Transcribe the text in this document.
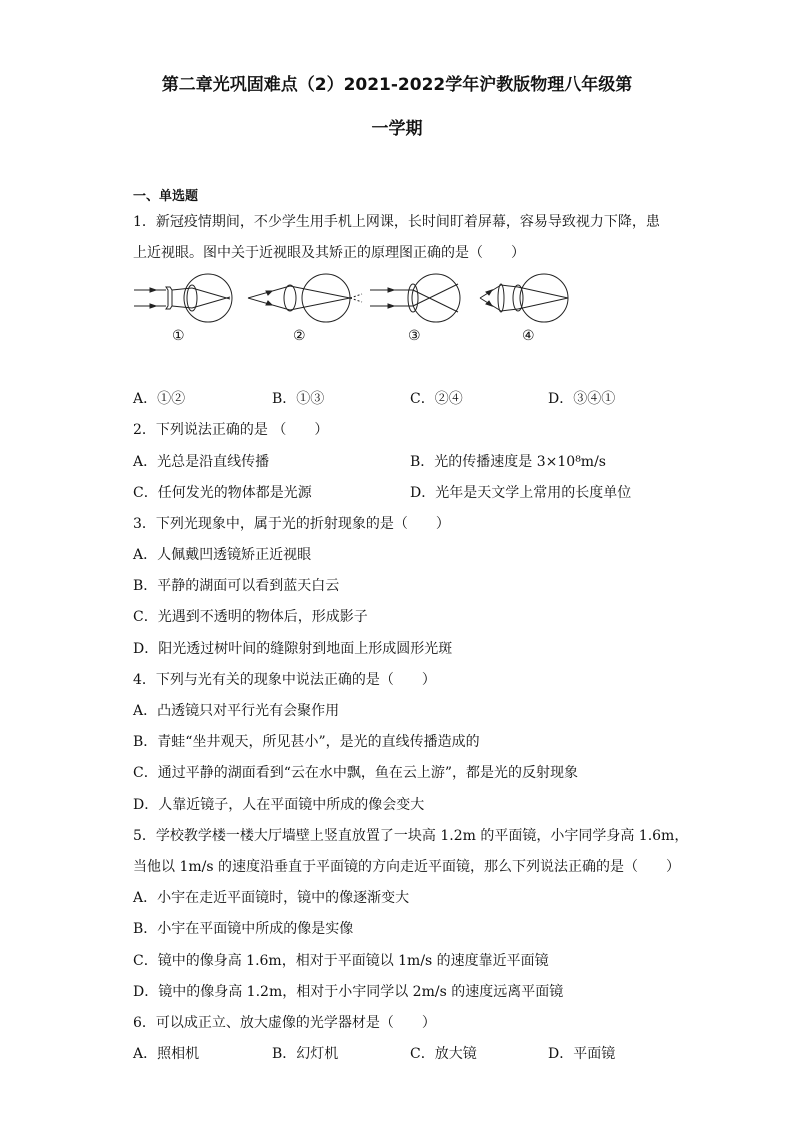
第二章光巩固难点（2）2021-2022学年沪教版物理八年级第
一学期
一、单选题
1．新冠疫情期间，不少学生用手机上网课，长时间盯着屏幕，容易导致视力下降，患
上近视眼。图中关于近视眼及其矫正的原理图正确的是（　　）
①	②	③	④
A．①②	B．①③	C．②④	D．③④①
2．下列说法正确的是 （　　）
A．光总是沿直线传播	B．光的传播速度是 3×10⁸m/s
C．任何发光的物体都是光源	D．光年是天文学上常用的长度单位
3．下列光现象中，属于光的折射现象的是（　　）
A．人佩戴凹透镜矫正近视眼
B．平静的湖面可以看到蓝天白云
C．光遇到不透明的物体后，形成影子
D．阳光透过树叶间的缝隙射到地面上形成圆形光斑
4．下列与光有关的现象中说法正确的是（　　）
A．凸透镜只对平行光有会聚作用
B．青蛙“坐井观天，所见甚小”，是光的直线传播造成的
C．通过平静的湖面看到“云在水中飘，鱼在云上游”，都是光的反射现象
D．人靠近镜子，人在平面镜中所成的像会变大
5．学校教学楼一楼大厅墙壁上竖直放置了一块高 1.2m 的平面镜，小宇同学身高 1.6m，
当他以 1m/s 的速度沿垂直于平面镜的方向走近平面镜，那么下列说法正确的是（　　）
A．小宇在走近平面镜时，镜中的像逐渐变大
B．小宇在平面镜中所成的像是实像
C．镜中的像身高 1.6m，相对于平面镜以 1m/s 的速度靠近平面镜
D．镜中的像身高 1.2m，相对于小宇同学以 2m/s 的速度远离平面镜
6．可以成正立、放大虚像的光学器材是（　　）
A．照相机	B．幻灯机	C．放大镜	D．平面镜
